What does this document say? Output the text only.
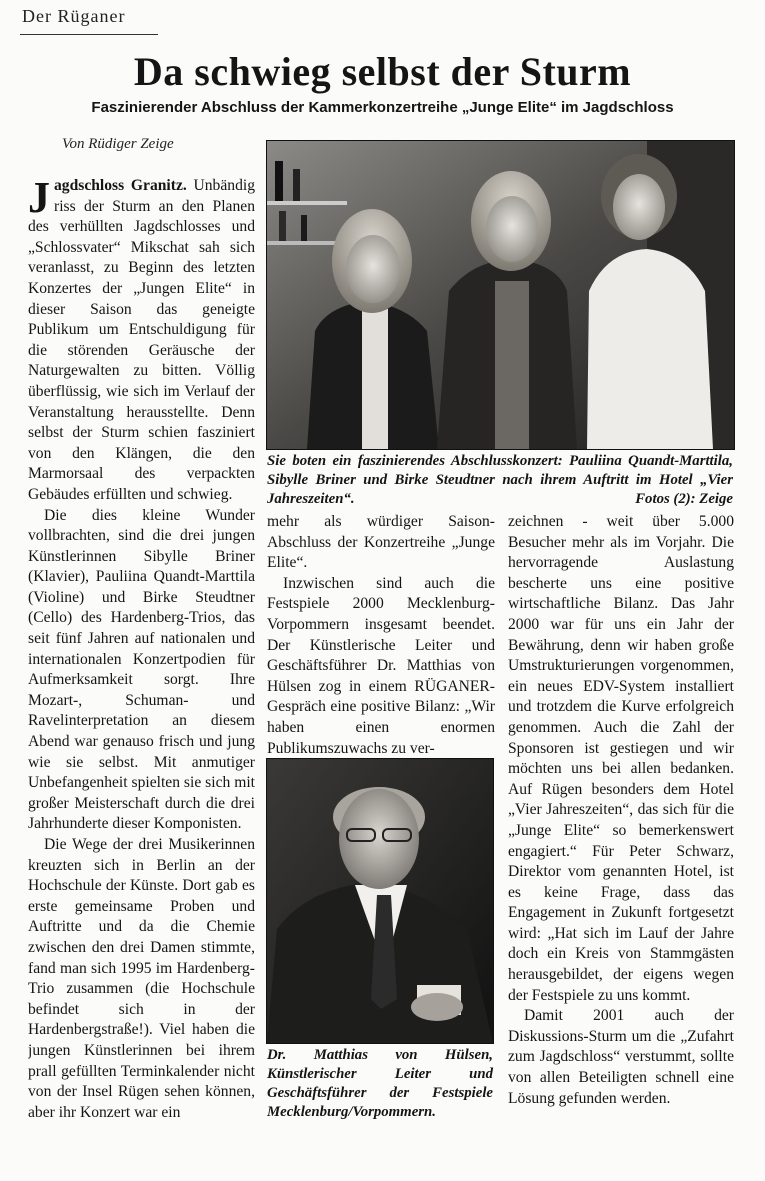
Der Rüganer
Da schwieg selbst der Sturm
Faszinierender Abschluss der Kammerkonzertreihe „Junge Elite“ im Jagdschloss
Von Rüdiger Zeige

Jagdschloss Granitz. Unbändig riss der Sturm an den Planen des verhüllten Jagdschlosses und „Schlossvater“ Mikschat sah sich veranlasst, zu Beginn des letzten Konzertes der „Jungen Elite“ in dieser Saison das geneigte Publikum um Entschuldigung für die störenden Geräusche der Naturgewalten zu bitten. Völlig überflüssig, wie sich im Verlauf der Veranstaltung herausstellte. Denn selbst der Sturm schien fasziniert von den Klängen, die den Marmorsaal des verpackten Gebäudes erfüllten und schwieg.

Die dies kleine Wunder vollbrachten, sind die drei jungen Künstlerinnen Sibylle Briner (Klavier), Pauliina Quandt-Marttila (Violine) und Birke Steudtner (Cello) des Hardenberg-Trios, das seit fünf Jahren auf nationalen und internationalen Konzertpodien für Aufmerksamkeit sorgt. Ihre Mozart-, Schuman- und Ravelinterpretation an diesem Abend war genauso frisch und jung wie sie selbst. Mit anmutiger Unbefangenheit spielten sie sich mit großer Meisterschaft durch die drei Jahrhunderte dieser Komponisten.

Die Wege der drei Musikerinnen kreuzten sich in Berlin an der Hochschule der Künste. Dort gab es erste gemeinsame Proben und Auftritte und da die Chemie zwischen den drei Damen stimmte, fand man sich 1995 im Hardenberg-Trio zusammen (die Hochschule befindet sich in der Hardenbergstraße!). Viel haben die jungen Künstlerinnen bei ihrem prall gefüllten Terminkalender nicht von der Insel Rügen sehen können, aber ihr Konzert war ein

Sie boten ein faszinierendes Abschlusskonzert: Pauliina Quandt-Marttila, Sibylle Briner und Birke Steudtner nach ihrem Auftritt im Hotel „Vier Jahreszeiten“.	Fotos (2): Zeige

mehr als würdiger Saison-Abschluss der Konzertreihe „Junge Elite“.

Inzwischen sind auch die Festspiele 2000 Mecklenburg-Vorpommern insgesamt beendet. Der Künstlerische Leiter und Geschäftsführer Dr. Matthias von Hülsen zog in einem RÜGANER-Gespräch eine positive Bilanz: „Wir haben einen enormen Publikumszuwachs zu ver-

Dr. Matthias von Hülsen, Künstlerischer Leiter und Geschäftsführer der Festspiele Mecklenburg/Vorpommern.

zeichnen - weit über 5.000 Besucher mehr als im Vorjahr. Die hervorragende Auslastung bescherte uns eine positive wirtschaftliche Bilanz. Das Jahr 2000 war für uns ein Jahr der Bewährung, denn wir haben große Umstrukturierungen vorgenommen, ein neues EDV-System installiert und trotzdem die Kurve erfolgreich genommen. Auch die Zahl der Sponsoren ist gestiegen und wir möchten uns bei allen bedanken. Auf Rügen besonders dem Hotel „Vier Jahreszeiten“, das sich für die „Junge Elite“ so bemerkenswert engagiert.“ Für Peter Schwarz, Direktor vom genannten Hotel, ist es keine Frage, dass das Engagement in Zukunft fortgesetzt wird: „Hat sich im Lauf der Jahre doch ein Kreis von Stammgästen herausgebildet, der eigens wegen der Festspiele zu uns kommt.

Damit 2001 auch der Diskussions-Sturm um die „Zufahrt zum Jagdschloss“ verstummt, sollte von allen Beteiligten schnell eine Lösung gefunden werden.
